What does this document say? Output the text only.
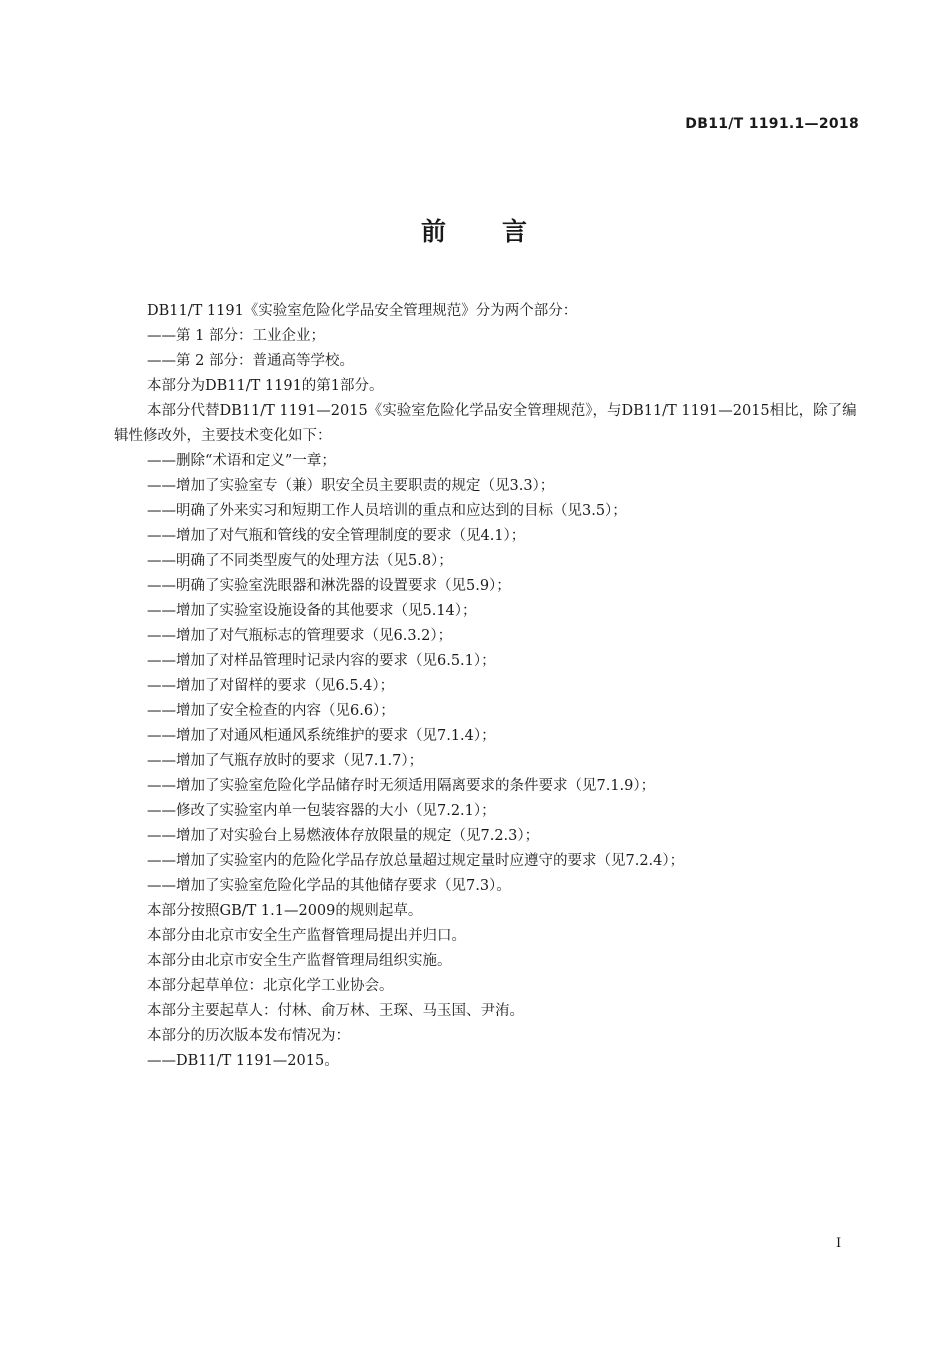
DB11/T 1191.1—2018
前 言

DB11/T 1191《实验室危险化学品安全管理规范》分为两个部分：

——第 1 部分：工业企业；

——第 2 部分：普通高等学校。

本部分为DB11/T 1191的第1部分。

本部分代替DB11/T 1191—2015《实验室危险化学品安全管理规范》，与DB11/T 1191—2015相比，除了编辑性修改外，主要技术变化如下：

——删除“术语和定义”一章；

——增加了实验室专（兼）职安全员主要职责的规定（见3.3）；

——明确了外来实习和短期工作人员培训的重点和应达到的目标（见3.5）；

——增加了对气瓶和管线的安全管理制度的要求（见4.1）；

——明确了不同类型废气的处理方法（见5.8）；

——明确了实验室洗眼器和淋洗器的设置要求（见5.9）；

——增加了实验室设施设备的其他要求（见5.14）；

——增加了对气瓶标志的管理要求（见6.3.2）；

——增加了对样品管理时记录内容的要求（见6.5.1）；

——增加了对留样的要求（见6.5.4）；

——增加了安全检查的内容（见6.6）；

——增加了对通风柜通风系统维护的要求（见7.1.4）；

——增加了气瓶存放时的要求（见7.1.7）；

——增加了实验室危险化学品储存时无须适用隔离要求的条件要求（见7.1.9）；

——修改了实验室内单一包装容器的大小（见7.2.1）；

——增加了对实验台上易燃液体存放限量的规定（见7.2.3）；

——增加了实验室内的危险化学品存放总量超过规定量时应遵守的要求（见7.2.4）；

——增加了实验室危险化学品的其他储存要求（见7.3）。

本部分按照GB/T 1.1—2009的规则起草。

本部分由北京市安全生产监督管理局提出并归口。

本部分由北京市安全生产监督管理局组织实施。

本部分起草单位：北京化学工业协会。

本部分主要起草人：付林、俞万林、王琛、马玉国、尹洧。

本部分的历次版本发布情况为：

——DB11/T 1191—2015。

I
